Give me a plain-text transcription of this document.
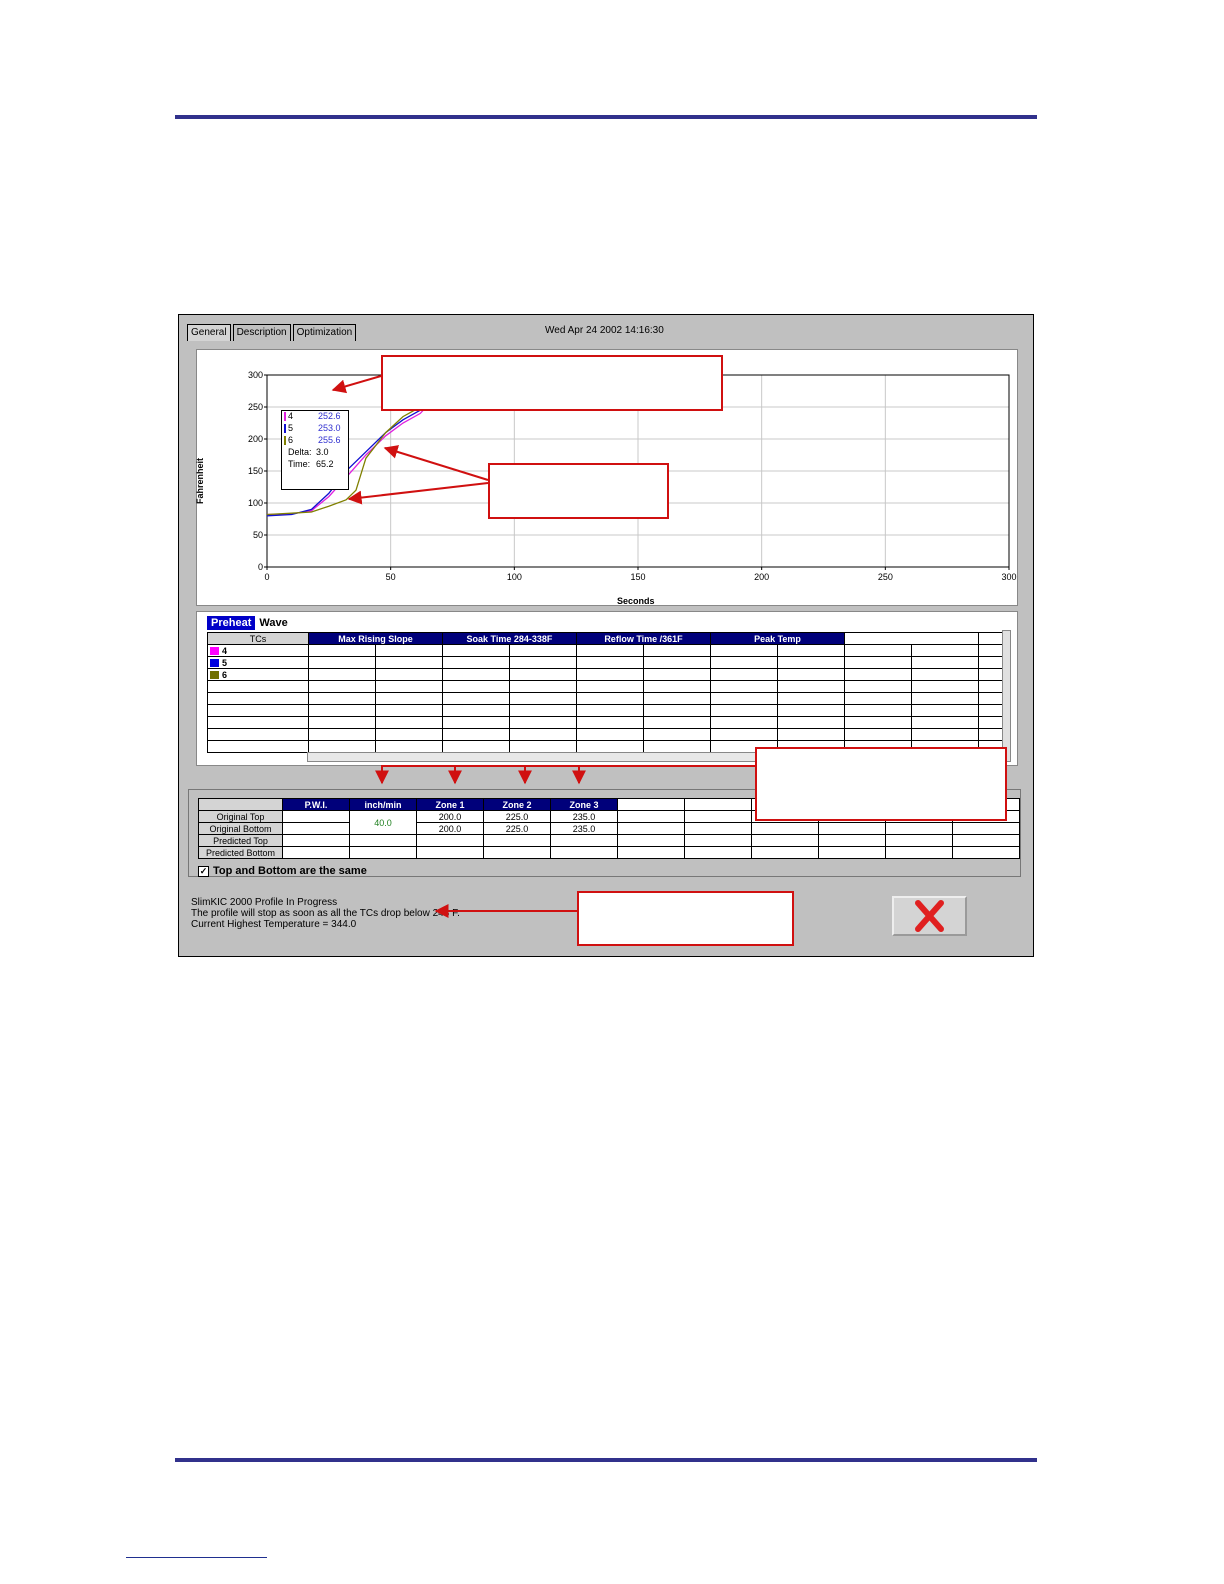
General	Description	Optimization	Wed Apr 24 2002 14:16:30
0	50	100	150	200	250	300
300
250
200
150
100
50
0
Fahrenheit
Seconds
4	252.6
5	253.0
6	255.6
Delta: 3.0
Time: 65.2
Preheat Wave
TCs	Max Rising Slope		Soak Time 284-338F		Reflow Time /361F		Peak Temp				
4											
5											
6											

	P.W.I.	inch/min	Zone 1	Zone 2	Zone 3						
Original Top		40.0	200.0	225.0	235.0						
Original Bottom			200.0	225.0	235.0						
Predicted Top											
Predicted Bottom											
✓ Top and Bottom are the same
SlimKIC 2000 Profile In Progress
The profile will stop as soon as all the TCs drop below 248 F.
Current Highest Temperature = 344.0
